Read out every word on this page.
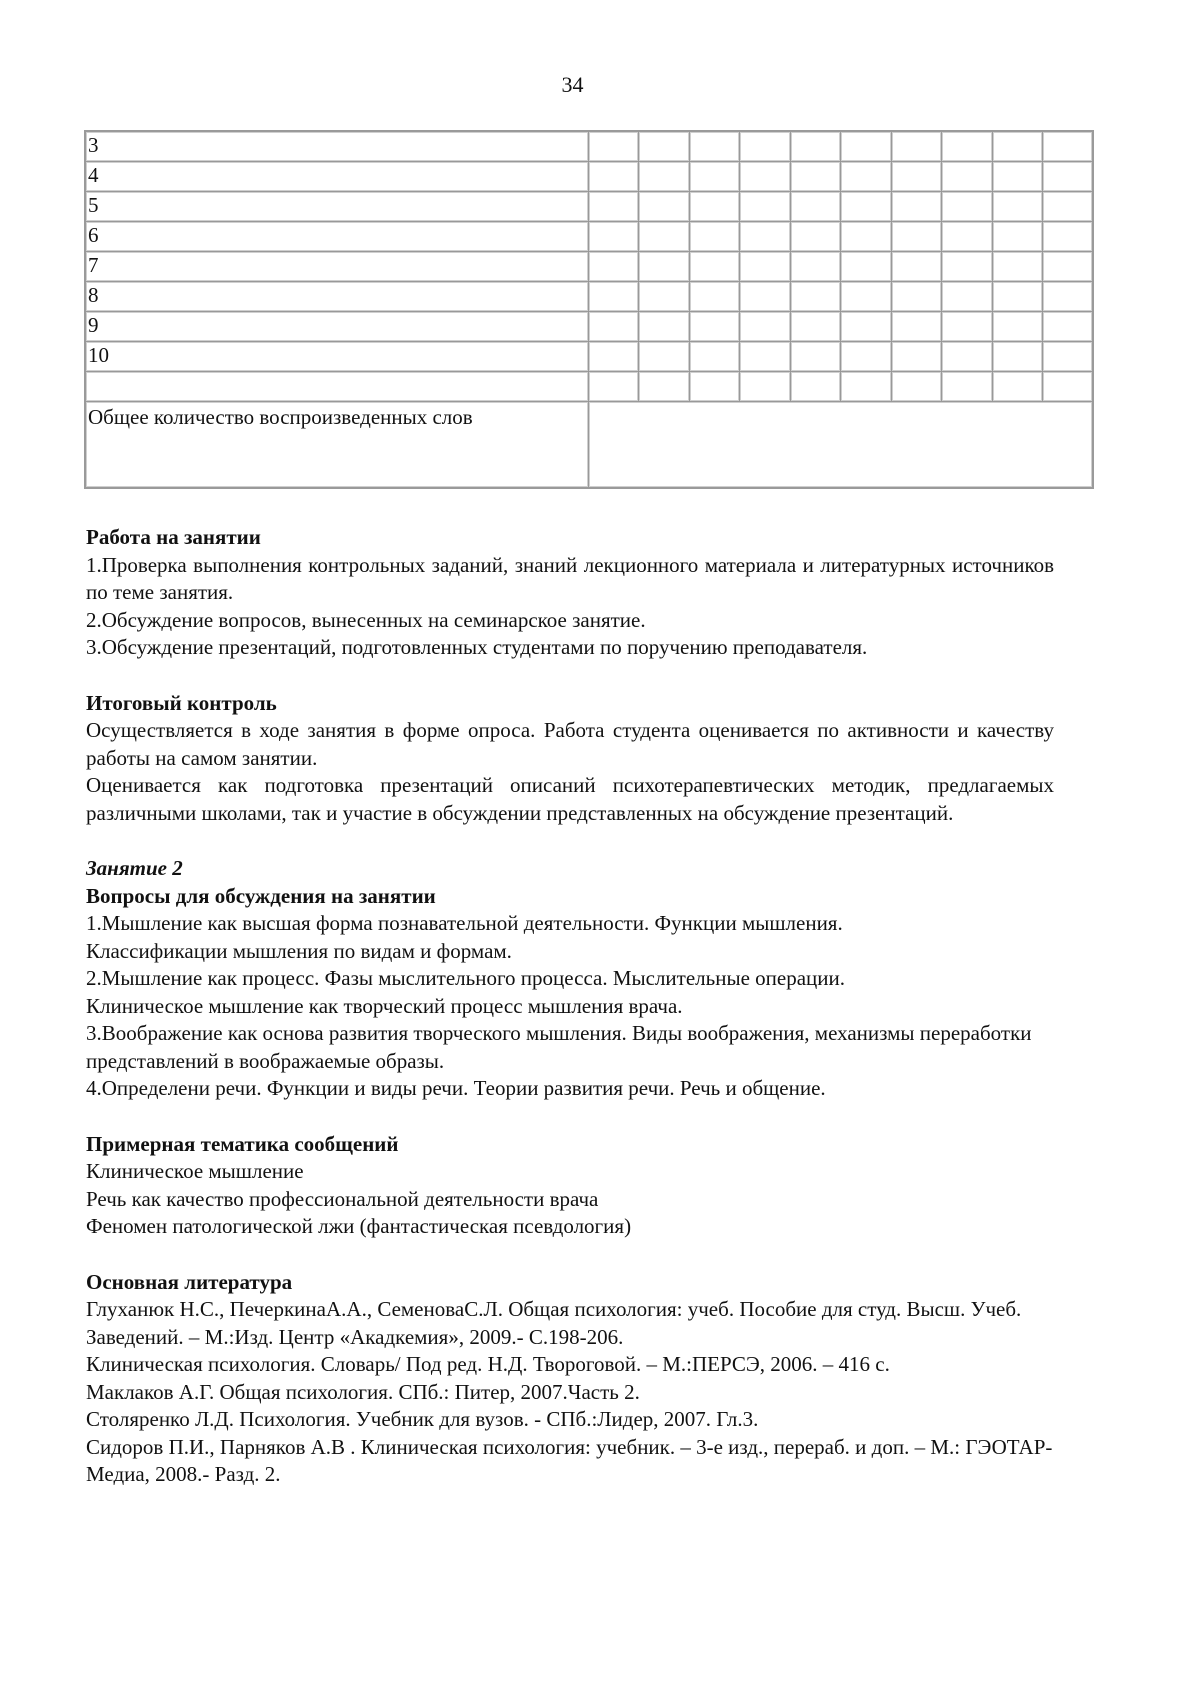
34
3										
4										
5										
6										
7										
8										
9										
10										

Общее количество воспроизведенных слов										
Работа на занятии

1.Проверка выполнения контрольных заданий, знаний лекционного материала и литературных источников по теме занятия.

2.Обсуждение вопросов, вынесенных на семинарское занятие.

3.Обсуждение презентаций, подготовленных студентами по поручению преподавателя.

Итоговый контроль

Осуществляется в ходе занятия в форме опроса. Работа студента оценивается по активности и качеству работы на самом занятии.

Оценивается как подготовка презентаций описаний психотерапевтических методик, предлагаемых различными школами, так и участие в обсуждении представленных на обсуждение презентаций.

Занятие 2
Вопросы для обсуждения на занятии

1.Мышление как высшая форма познавательной деятельности. Функции мышления.

Классификации мышления по видам и формам.

2.Мышление как процесс. Фазы мыслительного процесса. Мыслительные операции.

Клиническое мышление как творческий процесс мышления врача.

3.Воображение как основа развития творческого мышления. Виды воображения, механизмы переработки представлений в воображаемые образы.

4.Определени речи. Функции и виды речи. Теории развития речи. Речь и общение.

Примерная тематика сообщений

Клиническое мышление

Речь как качество профессиональной деятельности врача

Феномен патологической лжи (фантастическая псевдология)

Основная литература

Глуханюк Н.С., ПечеркинаА.А., СеменоваС.Л. Общая психология: учеб. Пособие для студ. Высш. Учеб. Заведений. – М.:Изд. Центр «Акадкемия», 2009.- С.198-206.

Клиническая психология. Словарь/ Под ред. Н.Д. Твороговой. – М.:ПЕРСЭ, 2006. – 416 с.

Маклаков А.Г. Общая психология. СПб.: Питер, 2007.Часть 2.

Столяренко Л.Д. Психология. Учебник для вузов. - СПб.:Лидер, 2007. Гл.3.

Сидоров П.И., Парняков А.В . Клиническая психология: учебник. – 3-е изд., перераб. и доп. – М.: ГЭОТАР-Медиа, 2008.- Разд. 2.
